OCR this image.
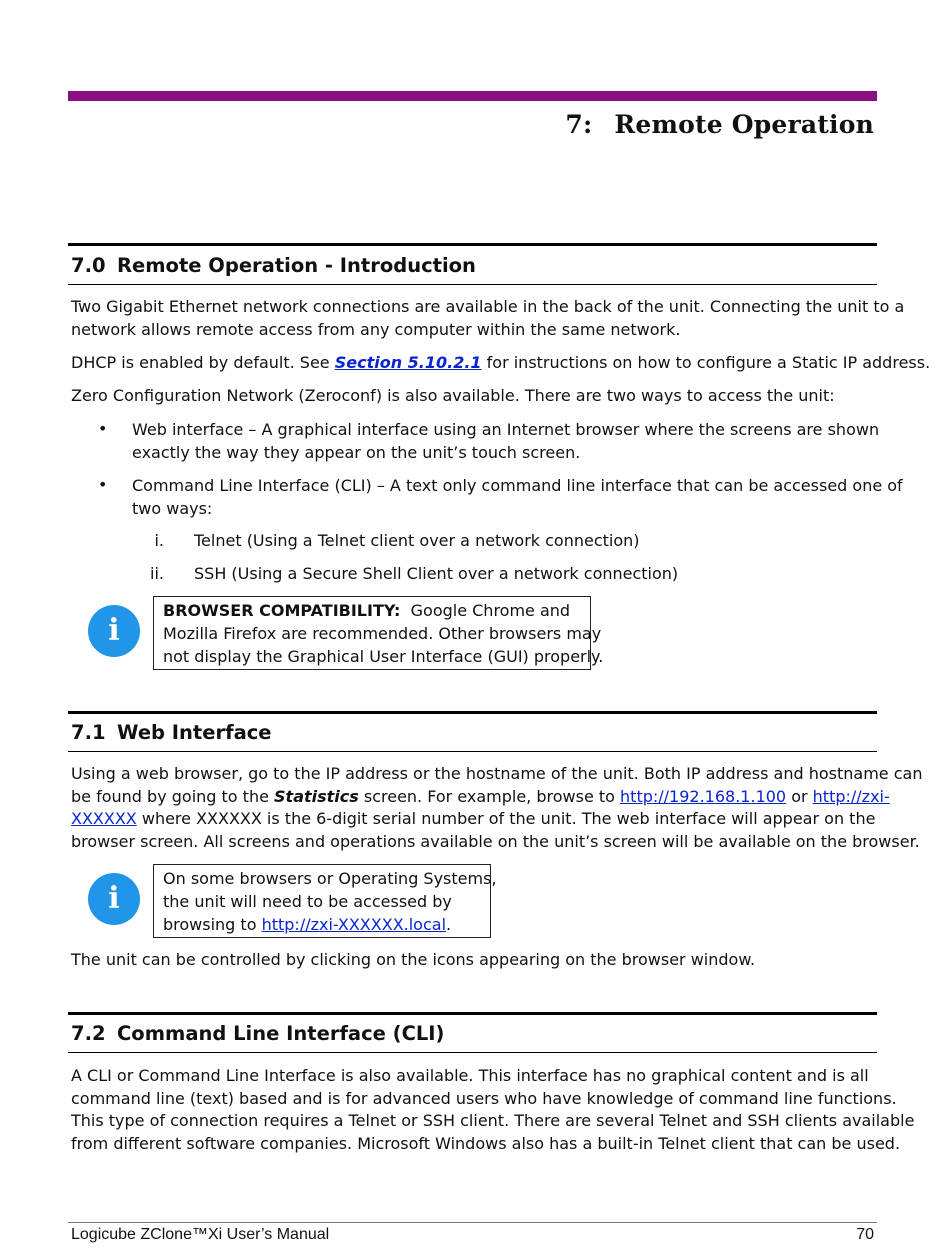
7: Remote Operation
7.0 Remote Operation - Introduction
Two Gigabit Ethernet network connections are available in the back of the unit. Connecting the unit to a
network allows remote access from any computer within the same network.
DHCP is enabled by default. See Section 5.10.2.1 for instructions on how to configure a Static IP address.
Zero Configuration Network (Zeroconf) is also available. There are two ways to access the unit:
• Web interface – A graphical interface using an Internet browser where the screens are shown
exactly the way they appear on the unit’s touch screen.
• Command Line Interface (CLI) – A text only command line interface that can be accessed one of
two ways:
i. Telnet (Using a Telnet client over a network connection)
ii. SSH (Using a Secure Shell Client over a network connection)
i
BROWSER COMPATIBILITY:  Google Chrome and
Mozilla Firefox are recommended. Other browsers may
not display the Graphical User Interface (GUI) properly.
7.1 Web Interface
Using a web browser, go to the IP address or the hostname of the unit. Both IP address and hostname can
be found by going to the Statistics screen. For example, browse to http://192.168.1.100 or http://zxi-
XXXXXX where XXXXXX is the 6-digit serial number of the unit. The web interface will appear on the
browser screen. All screens and operations available on the unit’s screen will be available on the browser.
i
On some browsers or Operating Systems,
the unit will need to be accessed by
browsing to http://zxi-XXXXXX.local.
The unit can be controlled by clicking on the icons appearing on the browser window.
7.2 Command Line Interface (CLI)
A CLI or Command Line Interface is also available. This interface has no graphical content and is all
command line (text) based and is for advanced users who have knowledge of command line functions.
This type of connection requires a Telnet or SSH client. There are several Telnet and SSH clients available
from different software companies. Microsoft Windows also has a built-in Telnet client that can be used.
Logicube ZClone™Xi User’s Manual	70
